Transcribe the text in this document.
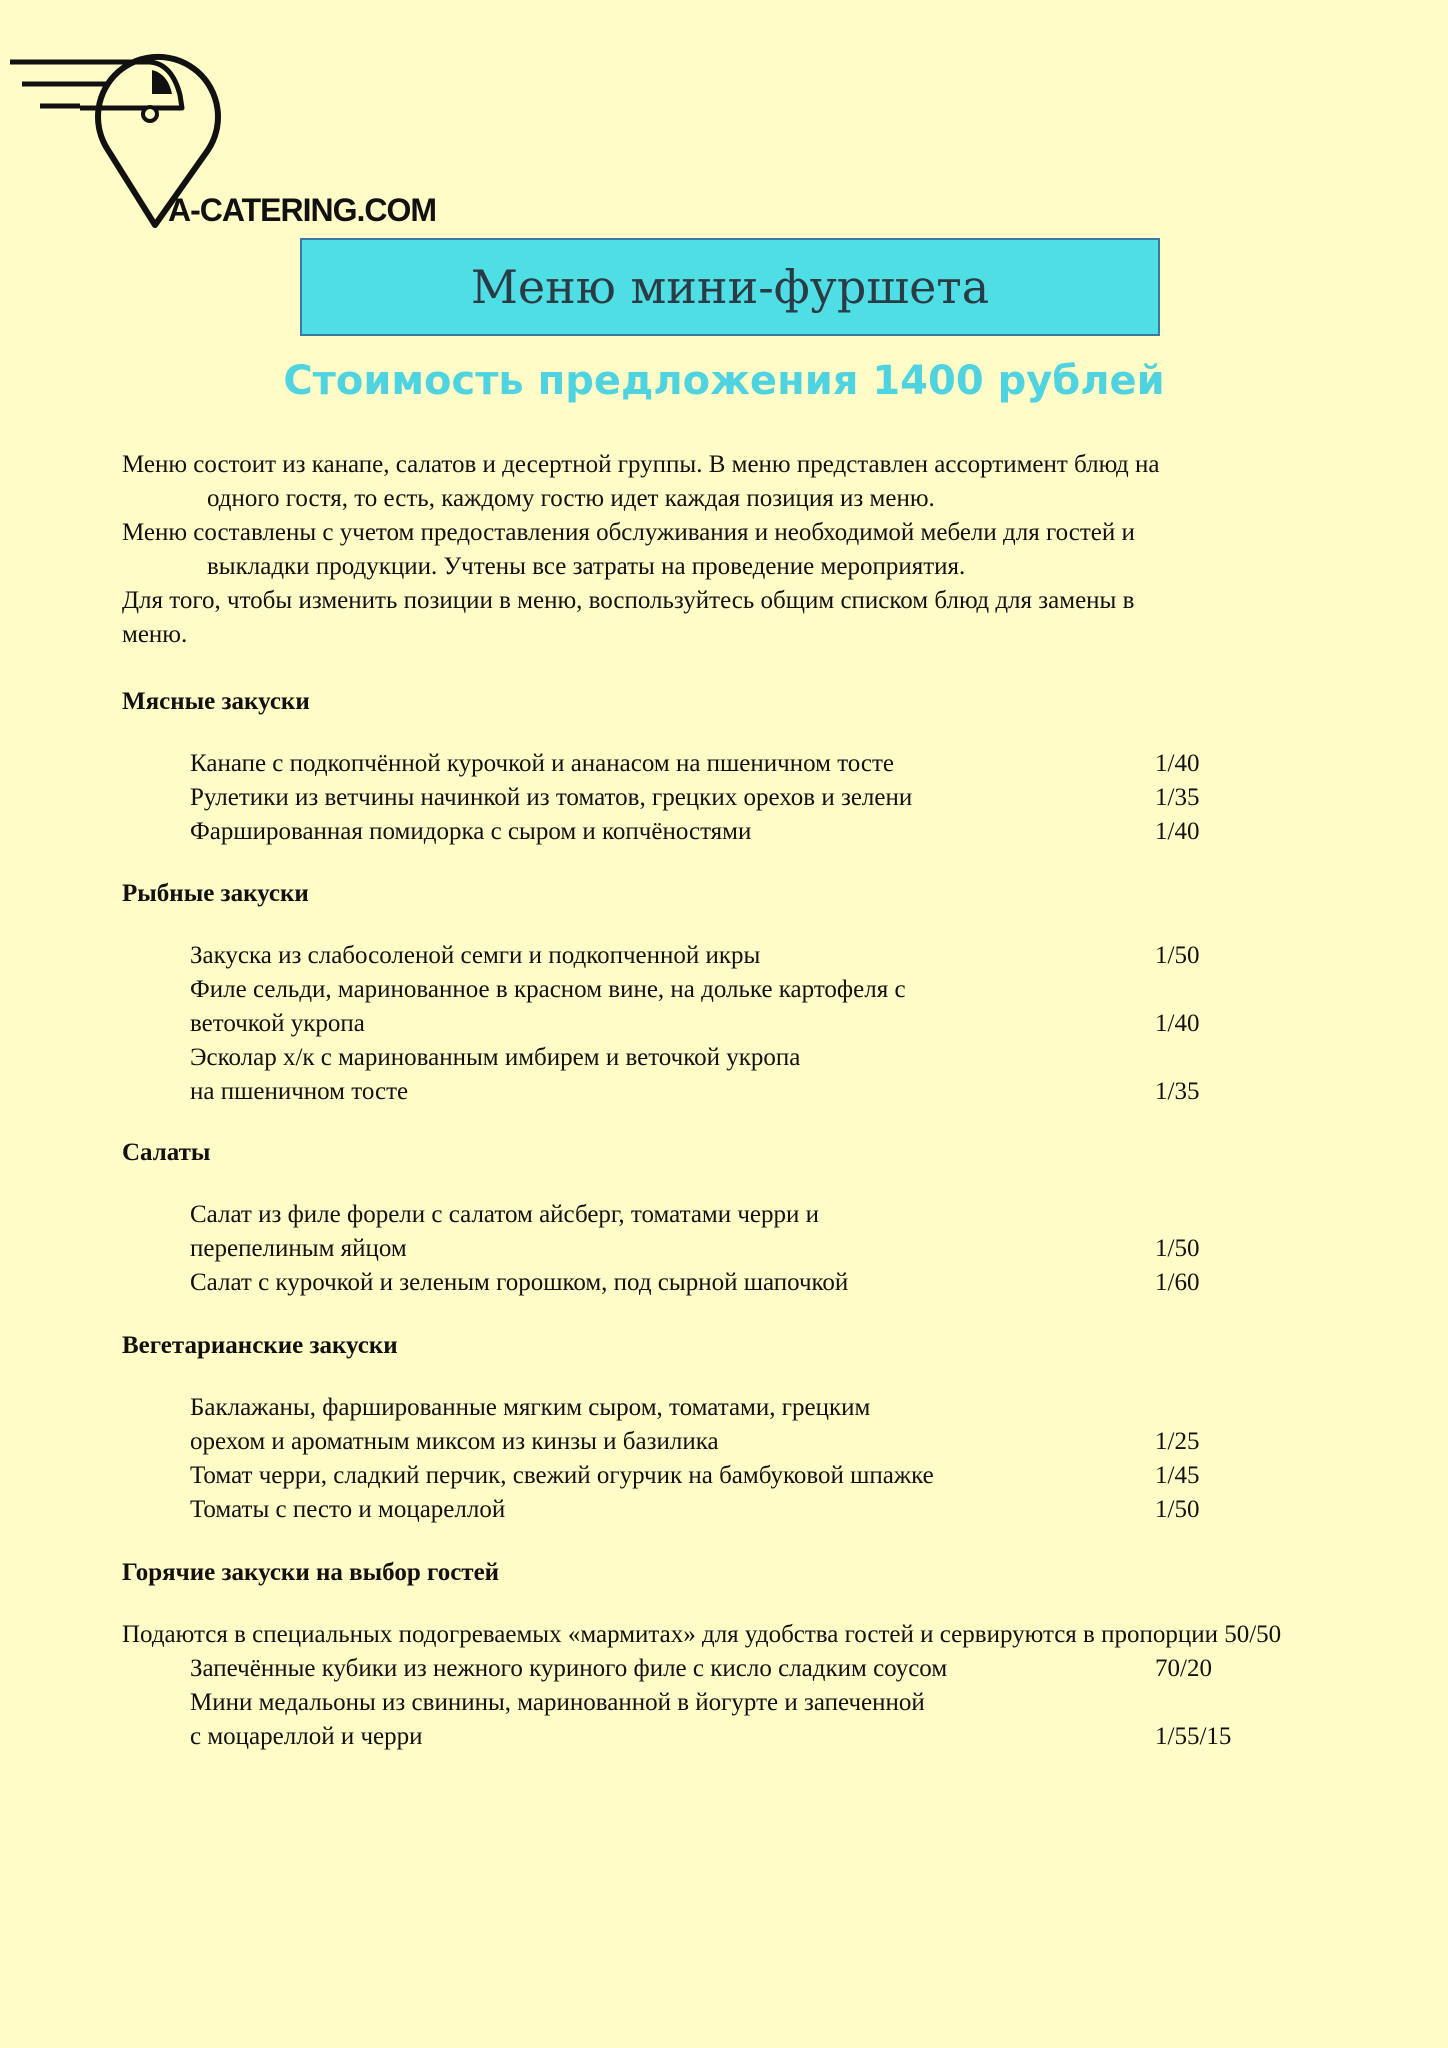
A-CATERING.COM
Меню мини-фуршета
Стоимость предложения 1400 рублей

Меню состоит из канапе, салатов и десертной группы. В меню представлен ассортимент блюд на
одного гостя, то есть, каждому гостю идет каждая позиция из меню.

Меню составлены с учетом предоставления обслуживания и необходимой мебели для гостей и
выкладки продукции. Учтены все затраты на проведение мероприятия.

Для того, чтобы изменить позиции в меню, воспользуйтесь общим списком блюд для замены в
меню.

Мясные закуски
Канапе с подкопчённой курочкой и ананасом на пшеничном тосте	1/40
Рулетики из ветчины начинкой из томатов, грецких орехов и зелени	1/35
Фаршированная помидорка с сыром и копчёностями	1/40
Рыбные закуски
Закуска из слабосоленой семги и подкопченной икры	1/50
Филе сельди, маринованное в красном вине, на дольке картофеля с
веточкой укропа	1/40
Эсколар х/к с маринованным имбирем и веточкой укропа
на пшеничном тосте	1/35
Салаты
Салат из филе форели с салатом айсберг, томатами черри и
перепелиным яйцом	1/50
Салат с курочкой и зеленым горошком, под сырной шапочкой	1/60
Вегетарианские закуски
Баклажаны, фаршированные мягким сыром, томатами, грецким
орехом и ароматным миксом из кинзы и базилика	1/25
Томат черри, сладкий перчик, свежий огурчик на бамбуковой шпажке	1/45
Томаты с песто и моцареллой	1/50
Горячие закуски на выбор гостей
Подаются в специальных подогреваемых «мармитах» для удобства гостей и сервируются в пропорции 50/50
Запечённые кубики из нежного куриного филе с кисло сладким соусом	70/20
Мини медальоны из свинины, маринованной в йогурте и запеченной
с моцареллой и черри	1/55/15
